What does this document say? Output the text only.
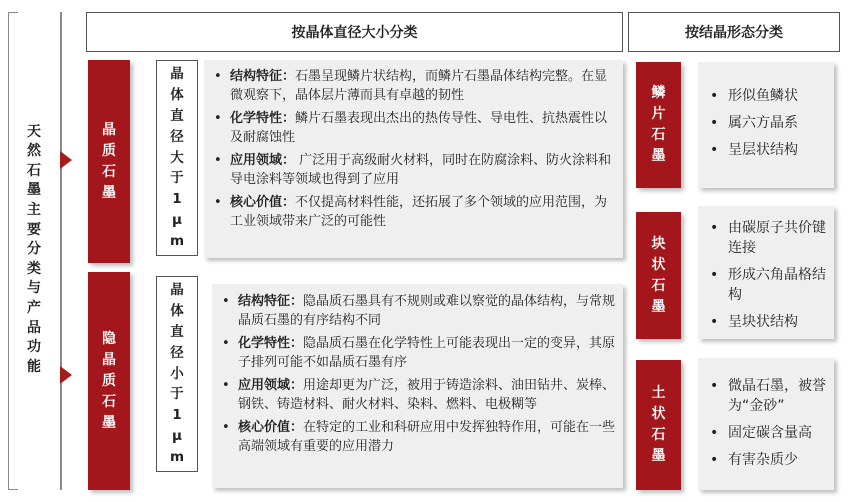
天然石墨主要分类与产品功能
按晶体直径大小分类	按结晶形态分类
晶质石墨
晶体直径大于1μm
• 结构特征：石墨呈现鳞片状结构，而鳞片石墨晶体结构完整。在显微观察下，晶体层片薄而具有卓越的韧性
• 化学特性：鳞片石墨表现出杰出的热传导性、导电性、抗热震性以及耐腐蚀性
• 应用领域： 广泛用于高级耐火材料，同时在防腐涂料、防火涂料和导电涂料等领域也得到了应用
• 核心价值：不仅提高材料性能，还拓展了多个领域的应用范围，为工业领域带来广泛的可能性
隐晶质石墨
晶体直径小于1μm
• 结构特征：隐晶质石墨具有不规则或难以察觉的晶体结构，与常规晶质石墨的有序结构不同
• 化学特性：隐晶质石墨在化学特性上可能表现出一定的变异，其原子排列可能不如晶质石墨有序
• 应用领域：用途却更为广泛，被用于铸造涂料、油田钻井、炭棒、钢铁、铸造材料、耐火材料、染料、燃料、电极糊等
• 核心价值：在特定的工业和科研应用中发挥独特作用，可能在一些高端领域有重要的应用潜力
鳞片石墨
• 形似鱼鳞状
• 属六方晶系
• 呈层状结构
块状石墨
• 由碳原子共价键连接
• 形成六角晶格结构
• 呈块状结构
土状石墨
• 微晶石墨，被誉为“金砂”
• 固定碳含量高
• 有害杂质少
